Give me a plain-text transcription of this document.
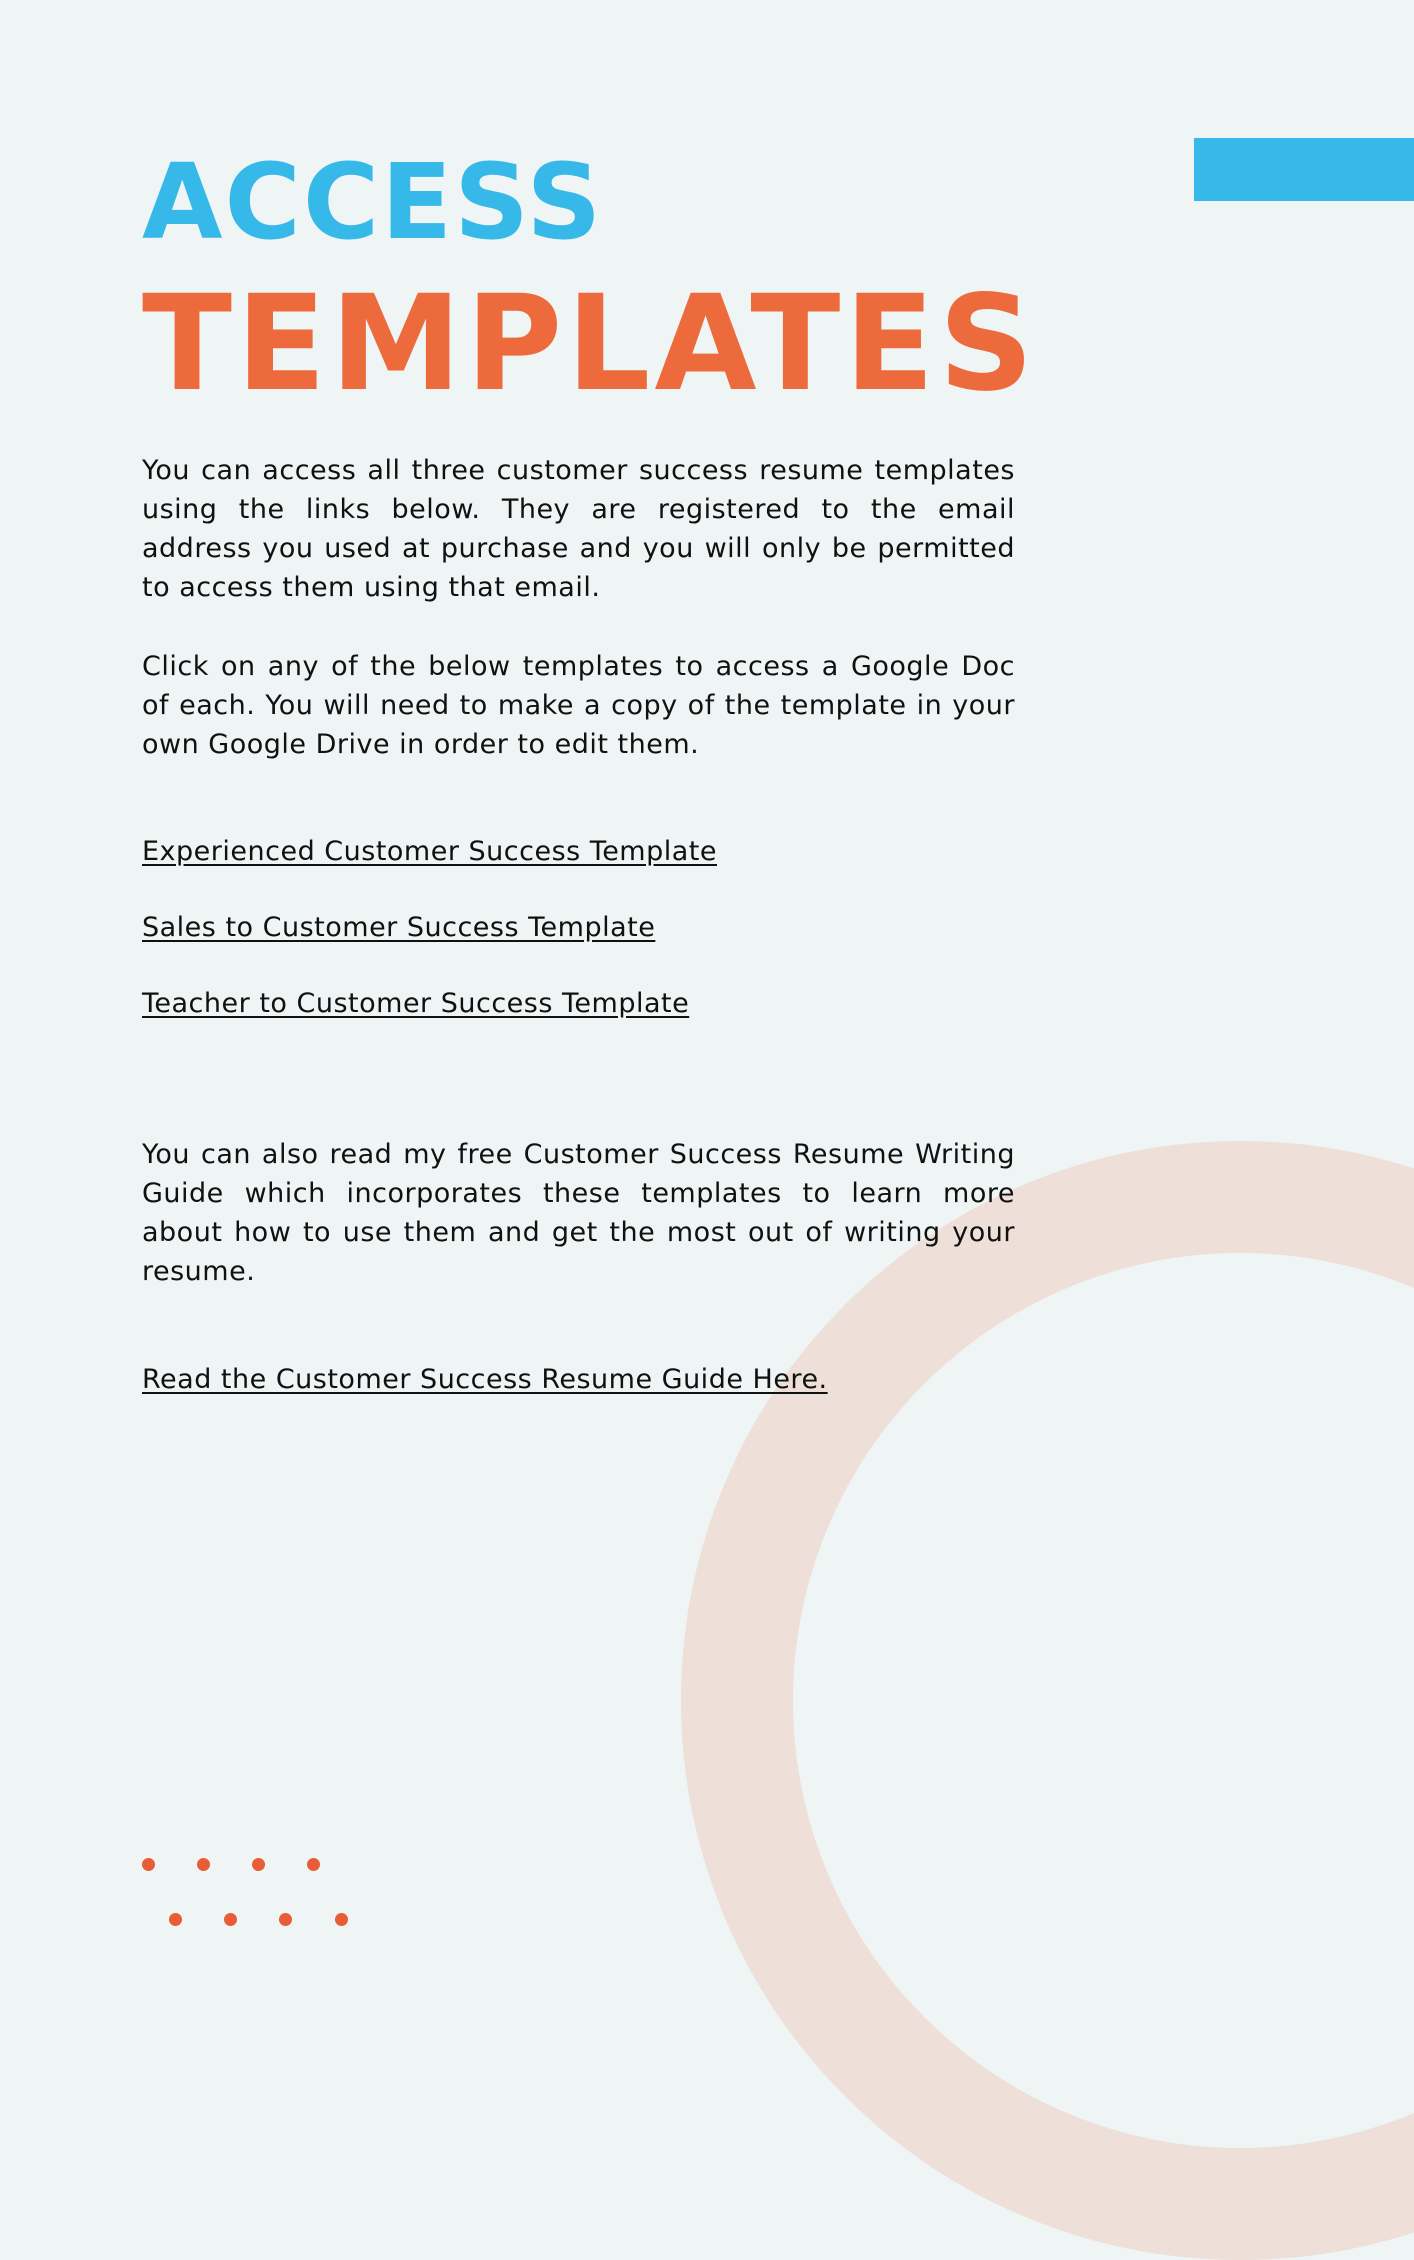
ACCESS
TEMPLATES

You can access all three customer success resume templates using the links below. They are registered to the email address you used at purchase and you will only be permitted to access them using that email.

Click on any of the below templates to access a Google Doc of each. You will need to make a copy of the template in your own Google Drive in order to edit them.

Experienced Customer Success Template
Sales to Customer Success Template
Teacher to Customer Success Template

You can also read my free Customer Success Resume Writing Guide which incorporates these templates to learn more about how to use them and get the most out of writing your resume.

Read the Customer Success Resume Guide Here.
